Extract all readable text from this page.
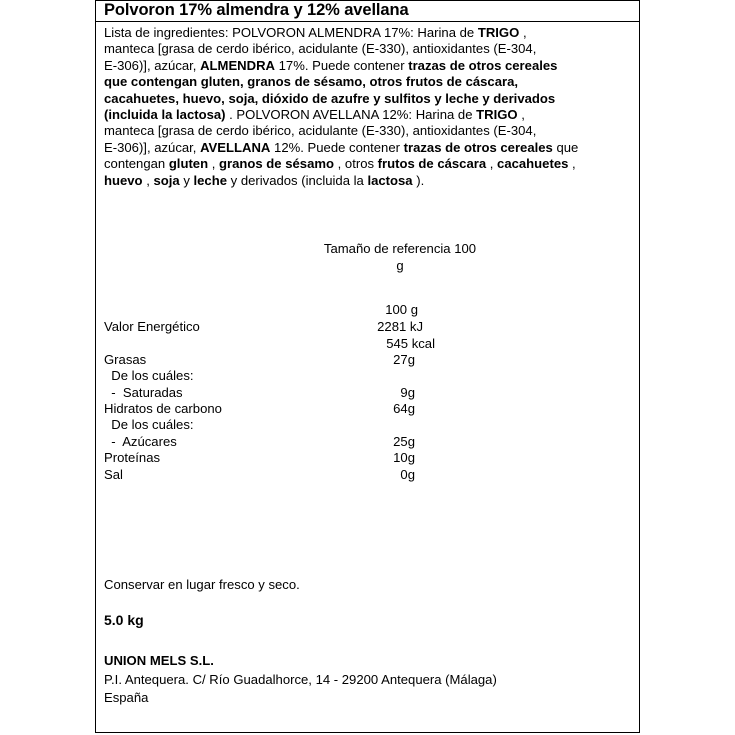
Polvoron 17% almendra y 12% avellana
Lista de ingredientes: POLVORON ALMENDRA 17%: Harina de TRIGO ,
manteca [grasa de cerdo ibérico, acidulante (E-330), antioxidantes (E-304,
E-306)], azúcar, ALMENDRA 17%. Puede contener trazas de otros cereales
que contengan gluten, granos de sésamo, otros frutos de cáscara,
cacahuetes, huevo, soja, dióxido de azufre y sulfitos y leche y derivados
(incluida la lactosa) . POLVORON AVELLANA 12%: Harina de TRIGO ,
manteca [grasa de cerdo ibérico, acidulante (E-330), antioxidantes (E-304,
E-306)], azúcar, AVELLANA 12%. Puede contener trazas de otros cereales que
contengan gluten , granos de sésamo , otros frutos de cáscara , cacahuetes ,
huevo , soja y leche y derivados (incluida la lactosa ).
Tamaño de referencia 100
g
100 g
Valor Energético	2281 kJ
545 kcal
Grasas	27g
De los cuáles:
-  Saturadas	9g
Hidratos de carbono	64g
De los cuáles:
-  Azúcares	25g
Proteínas	10g
Sal	0g
Conservar en lugar fresco y seco.
5.0 kg
UNION MELS S.L.
P.I. Antequera. C/ Río Guadalhorce, 14 - 29200 Antequera (Málaga)
España
